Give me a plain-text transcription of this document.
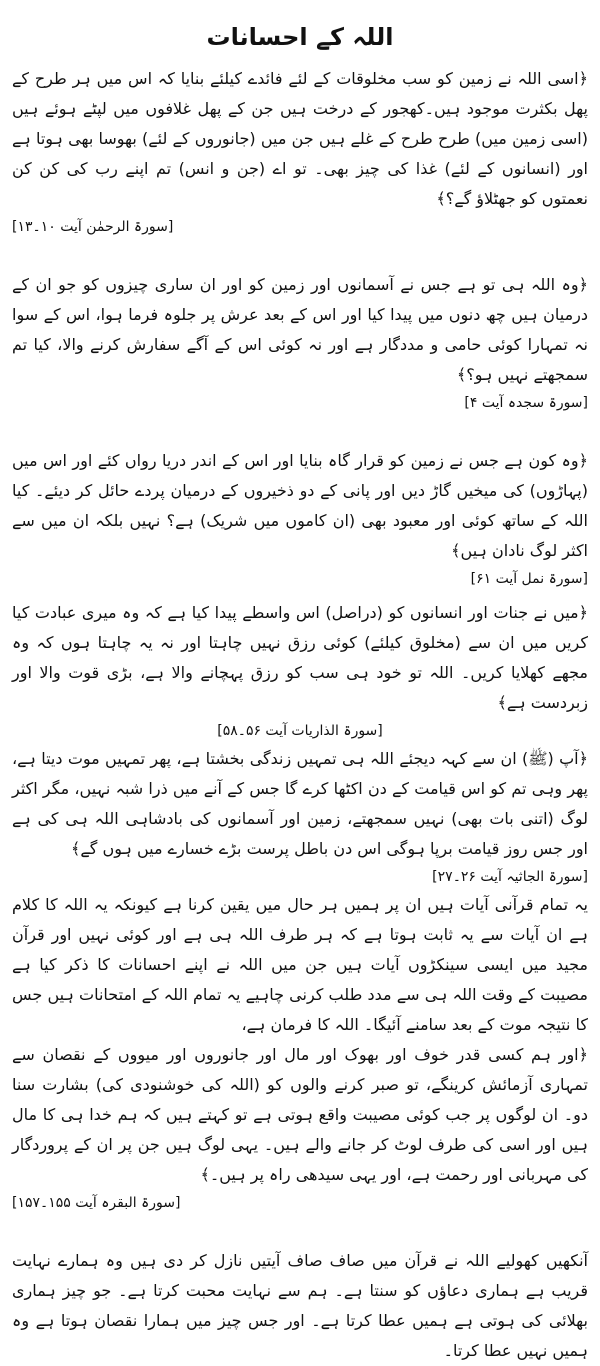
اللہ کے احسانات

﴿اسی اللہ نے زمین کو سب مخلوقات کے لئے فائدے کیلئے بنایا کہ اس میں ہر طرح کے پھل بکثرت موجود ہیں۔کھجور کے درخت ہیں جن کے پھل غلافوں میں لپٹے ہوئے ہیں (اسی زمین میں) طرح طرح کے غلے ہیں جن میں (جانوروں کے لئے) بھوسا بھی ہوتا ہے اور (انسانوں کے لئے) غذا کی چیز بھی۔ تو اے (جن و انس) تم اپنے رب کی کن کن نعمتوں کو جھٹلاؤ گے؟﴾

[سورۃ الرحمٰن آیت ۱۰۔۱۳]

﴿وہ اللہ ہی تو ہے جس نے آسمانوں اور زمین کو اور ان ساری چیزوں کو جو ان کے درمیان ہیں چھ دنوں میں پیدا کیا اور اس کے بعد عرش پر جلوہ فرما ہوا، اس کے سوا نہ تمہارا کوئی حامی و مددگار ہے اور نہ کوئی اس کے آگے سفارش کرنے والا، کیا تم سمجھتے نہیں ہو؟﴾

[سورۃ سجدہ آیت ۴]

﴿وہ کون ہے جس نے زمین کو قرار گاہ بنایا اور اس کے اندر دریا رواں کئے اور اس میں (پہاڑوں) کی میخیں گاڑ دیں اور پانی کے دو ذخیروں کے درمیان پردے حائل کر دیئے۔ کیا اللہ کے ساتھ کوئی اور معبود بھی (ان کاموں میں شریک) ہے؟ نہیں بلکہ ان میں سے اکثر لوگ نادان ہیں﴾

[سورۃ نمل آیت ۶۱]

﴿میں نے جنات اور انسانوں کو (دراصل) اس واسطے پیدا کیا ہے کہ وہ میری عبادت کیا کریں میں ان سے (مخلوق کیلئے) کوئی رزق نہیں چاہتا اور نہ یہ چاہتا ہوں کہ وہ مجھے کھلایا کریں۔ اللہ تو خود ہی سب کو رزق پہچانے والا ہے، بڑی قوت والا اور زبردست ہے﴾

[سورۃ الذاریات آیت ۵۶۔۵۸]

﴿آپ (ﷺ) ان سے کہہ دیجئے اللہ ہی تمہیں زندگی بخشتا ہے، پھر تمہیں موت دیتا ہے، پھر وہی تم کو اس قیامت کے دن اکٹھا کرے گا جس کے آنے میں ذرا شبہ نہیں، مگر اکثر لوگ (اتنی بات بھی) نہیں سمجھتے، زمین اور آسمانوں کی بادشاہی اللہ ہی کی ہے اور جس روز قیامت برپا ہوگی اس دن باطل پرست بڑے خسارے میں ہوں گے﴾

[سورۃ الجاثیہ آیت ۲۶۔۲۷]

یہ تمام قرآنی آیات ہیں ان پر ہمیں ہر حال میں یقین کرنا ہے کیونکہ یہ اللہ کا کلام ہے ان آیات سے یہ ثابت ہوتا ہے کہ ہر طرف اللہ ہی ہے اور کوئی نہیں اور قرآن مجید میں ایسی سینکڑوں آیات ہیں جن میں اللہ نے اپنے احسانات کا ذکر کیا ہے مصیبت کے وقت اللہ ہی سے مدد طلب کرنی چاہیے یہ تمام اللہ کے امتحانات ہیں جس کا نتیجہ موت کے بعد سامنے آئیگا۔ اللہ کا فرمان ہے،

﴿اور ہم کسی قدر خوف اور بھوک اور مال اور جانوروں اور میووں کے نقصان سے تمہاری آزمائش کرینگے، تو صبر کرنے والوں کو (اللہ کی خوشنودی کی) بشارت سنا دو۔ ان لوگوں پر جب کوئی مصیبت واقع ہوتی ہے تو کہتے ہیں کہ ہم خدا ہی کا مال ہیں اور اسی کی طرف لوٹ کر جانے والے ہیں۔ یہی لوگ ہیں جن پر ان کے پروردگار کی مہربانی اور رحمت ہے، اور یہی سیدھی راہ پر ہیں۔﴾

[سورۃ البقرہ آیت ۱۵۵۔۱۵۷]

آنکھیں کھولیے اللہ نے قرآن میں صاف صاف آیتیں نازل کر دی ہیں وہ ہمارے نہایت قریب ہے ہماری دعاؤں کو سنتا ہے۔ ہم سے نہایت محبت کرتا ہے۔ جو چیز ہماری بھلائی کی ہوتی ہے ہمیں عطا کرتا ہے۔ اور جس چیز میں ہمارا نقصان ہوتا ہے وہ ہمیں نہیں عطا کرتا۔
